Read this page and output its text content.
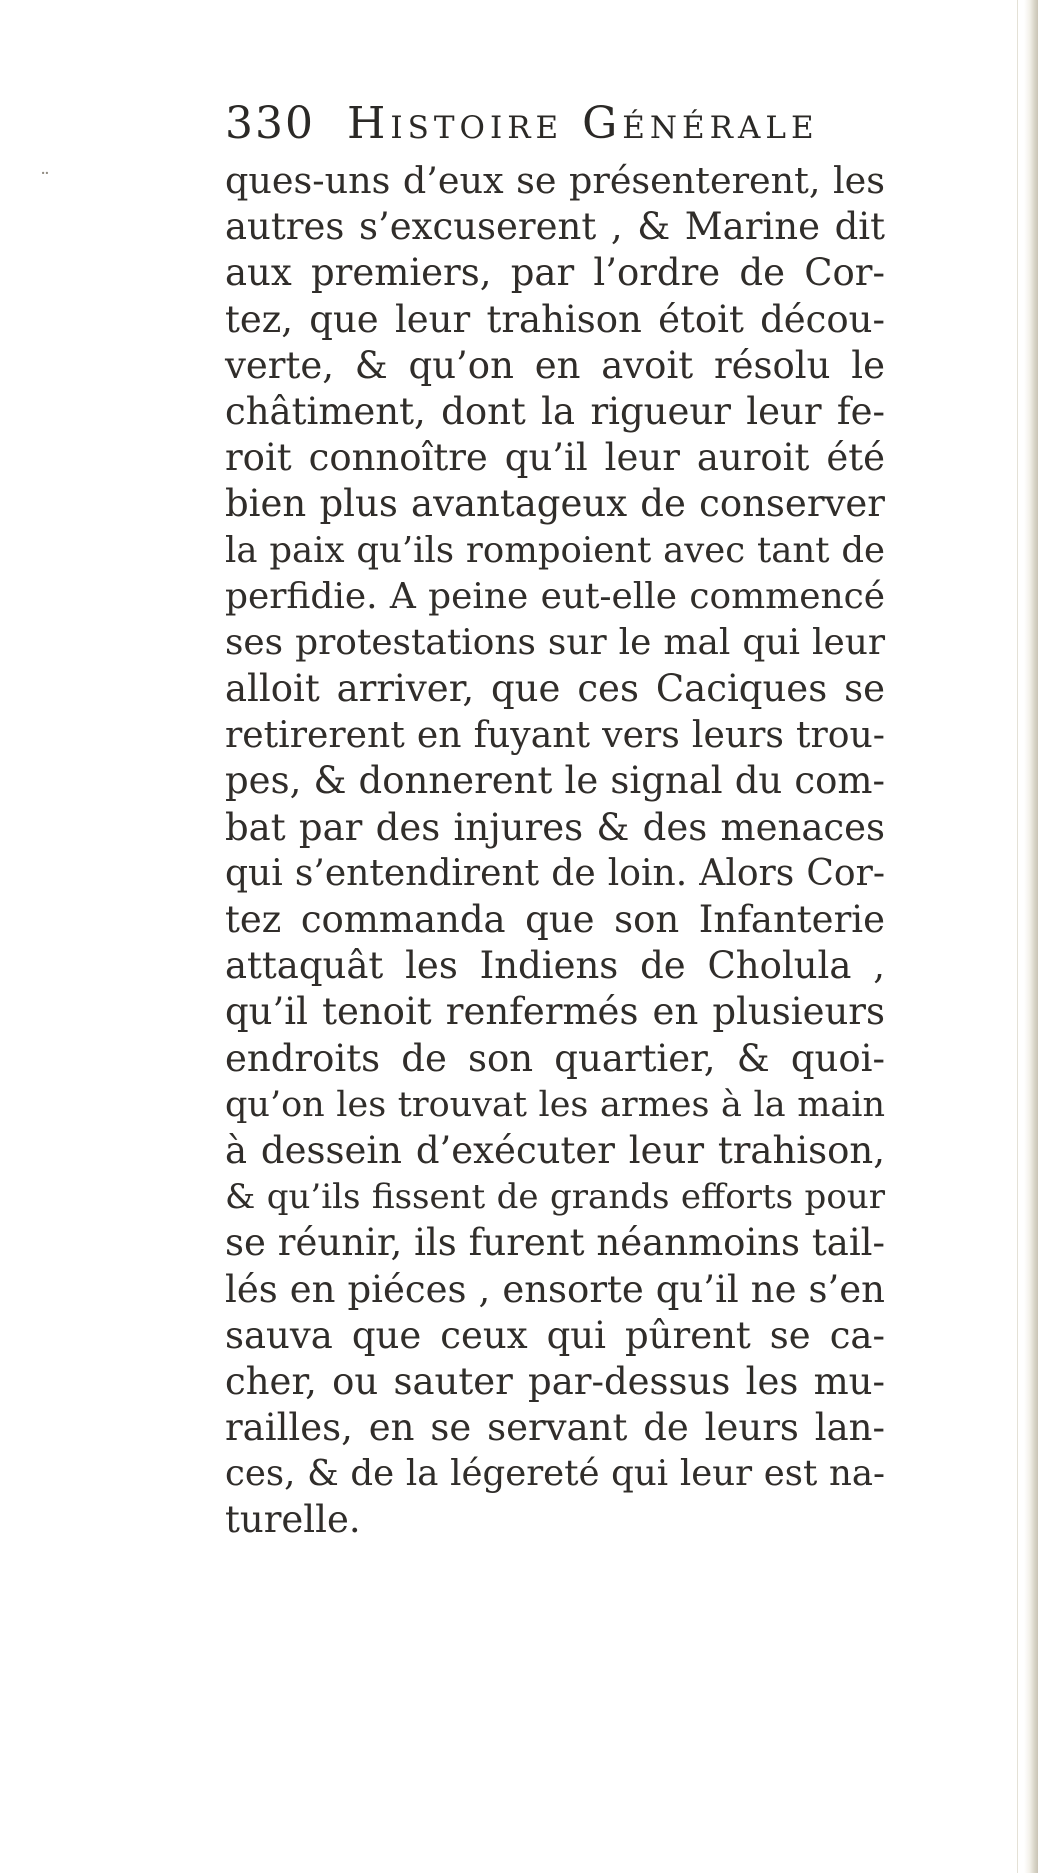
¨
330 Histoire Générale
ques-uns d’eux se présenterent, les
autres s’excuserent , & Marine dit
aux premiers, par l’ordre de Cor-
tez, que leur trahison étoit décou-
verte, & qu’on en avoit résolu le
châtiment, dont la rigueur leur fe-
roit connoître qu’il leur auroit été
bien plus avantageux de conserver
la paix qu’ils rompoient avec tant de
perfidie. A peine eut-elle commencé
ses protestations sur le mal qui leur
alloit arriver, que ces Caciques se
retirerent en fuyant vers leurs trou-
pes, & donnerent le signal du com-
bat par des injures & des menaces
qui s’entendirent de loin. Alors Cor-
tez commanda que son Infanterie
attaquât les Indiens de Cholula ,
qu’il tenoit renfermés en plusieurs
endroits de son quartier, & quoi-
qu’on les trouvat les armes à la main
à dessein d’exécuter leur trahison,
& qu’ils fissent de grands efforts pour
se réunir, ils furent néanmoins tail-
lés en piéces , ensorte qu’il ne s’en
sauva que ceux qui pûrent se ca-
cher, ou sauter par-dessus les mu-
railles, en se servant de leurs lan-
ces, & de la légereté qui leur est na-
turelle.
